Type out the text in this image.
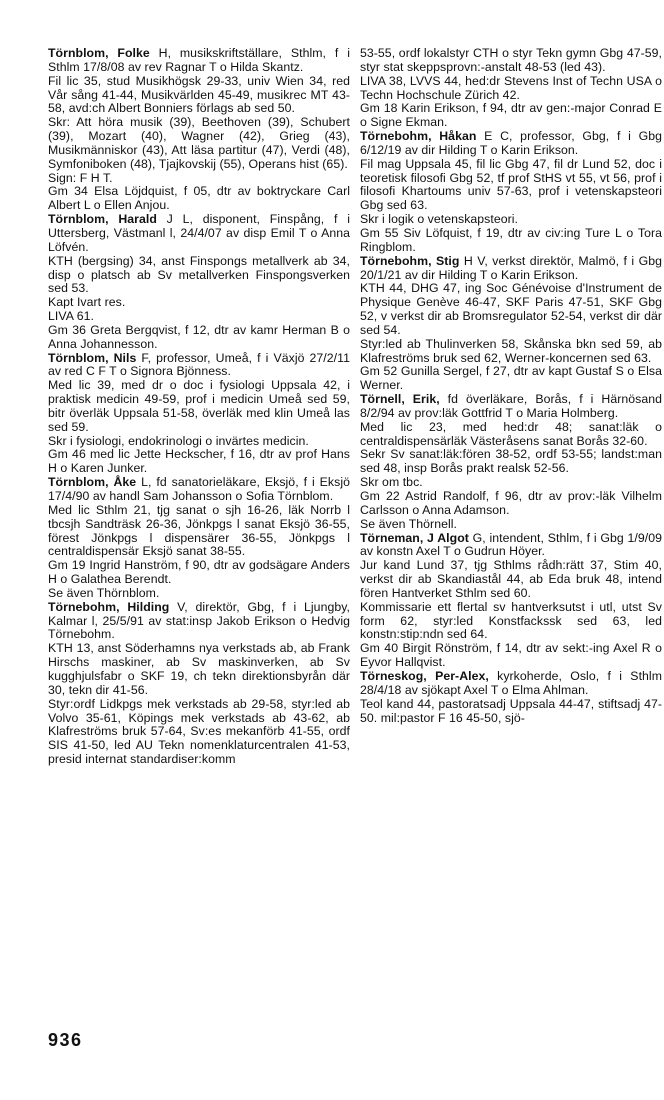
Törnblom, Folke H, musikskriftställare, Sthlm, f i Sthlm 17/8/08 av rev Ragnar T o Hilda Skantz.
Fil lic 35, stud Musikhögsk 29-33, univ Wien 34, red Vår sång 41-44, Musikvärlden 45-49, musikrec MT 43-58, avd:ch Albert Bonniers förlags ab sed 50.
Skr: Att höra musik (39), Beethoven (39), Schubert (39), Mozart (40), Wagner (42), Grieg (43), Musikmänniskor (43), Att läsa partitur (47), Verdi (48), Symfoniboken (48), Tjajkovskij (55), Operans hist (65).
Sign: F H T.
Gm 34 Elsa Löjdquist, f 05, dtr av boktryckare Carl Albert L o Ellen Anjou.
Törnblom, Harald J L, disponent, Finspång, f i Uttersberg, Västmanl l, 24/4/07 av disp Emil T o Anna Löfvén.
KTH (bergsing) 34, anst Finspongs metallverk ab 34, disp o platsch ab Sv metallverken Finspongsverken sed 53.
Kapt Ivart res.
LIVA 61.
Gm 36 Greta Bergqvist, f 12, dtr av kamr Herman B o Anna Johannesson.
Törnblom, Nils F, professor, Umeå, f i Växjö 27/2/11 av red C F T o Signora Bjönness.
Med lic 39, med dr o doc i fysiologi Uppsala 42, i praktisk medicin 49-59, prof i medicin Umeå sed 59, bitr överläk Uppsala 51-58, överläk med klin Umeå las sed 59.
Skr i fysiologi, endokrinologi o invärtes medicin.
Gm 46 med lic Jette Heckscher, f 16, dtr av prof Hans H o Karen Junker.
Törnblom, Åke L, fd sanatorieläkare, Eksjö, f i Eksjö 17/4/90 av handl Sam Johansson o Sofia Törnblom.
Med lic Sthlm 21, tjg sanat o sjh 16-26, läk Norrb l tbcsjh Sandträsk 26-36, Jönkpgs l sanat Eksjö 36-55, förest Jönkpgs l dispensärer 36-55, Jönkpgs l centraldispensär Eksjö sanat 38-55.
Gm 19 Ingrid Hanström, f 90, dtr av godsägare Anders H o Galathea Berendt.
Se även Thörnblom.
Törnebohm, Hilding V, direktör, Gbg, f i Ljungby, Kalmar l, 25/5/91 av stat:insp Jakob Erikson o Hedvig Törnebohm.
KTH 13, anst Söderhamns nya verkstads ab, ab Frank Hirschs maskiner, ab Sv maskinverken, ab Sv kugghjulsfabr o SKF 19, ch tekn direktionsbyrån där 30, tekn dir 41-56.
Styr:ordf Lidkpgs mek verkstads ab 29-58, styr:led ab Volvo 35-61, Köpings mek verkstads ab 43-62, ab Klafreströms bruk 57-64, Sv:es mekanförb 41-55, ordf SIS 41-50, led AU Tekn nomenklaturcentralen 41-53, presid internat standardiser:komm
53-55, ordf lokalstyr CTH o styr Tekn gymn Gbg 47-59, styr stat skeppsprovn:-anstalt 48-53 (led 43).
LIVA 38, LVVS 44, hed:dr Stevens Inst of Techn USA o Techn Hochschule Zürich 42.
Gm 18 Karin Erikson, f 94, dtr av gen:-major Conrad E o Signe Ekman.
Törnebohm, Håkan E C, professor, Gbg, f i Gbg 6/12/19 av dir Hilding T o Karin Erikson.
Fil mag Uppsala 45, fil lic Gbg 47, fil dr Lund 52, doc i teoretisk filosofi Gbg 52, tf prof StHS vt 55, vt 56, prof i filosofi Khartoums univ 57-63, prof i vetenskapsteori Gbg sed 63.
Skr i logik o vetenskapsteori.
Gm 55 Siv Löfquist, f 19, dtr av civ:ing Ture L o Tora Ringblom.
Törnebohm, Stig H V, verkst direktör, Malmö, f i Gbg 20/1/21 av dir Hilding T o Karin Erikson.
KTH 44, DHG 47, ing Soc Génévoise d'Instrument de Physique Genève 46-47, SKF Paris 47-51, SKF Gbg 52, v verkst dir ab Bromsregulator 52-54, verkst dir där sed 54.
Styr:led ab Thulinverken 58, Skånska bkn sed 59, ab Klafreströms bruk sed 62, Werner-koncernen sed 63.
Gm 52 Gunilla Sergel, f 27, dtr av kapt Gustaf S o Elsa Werner.
Törnell, Erik, fd överläkare, Borås, f i Härnösand 8/2/94 av prov:läk Gottfrid T o Maria Holmberg.
Med lic 23, med hed:dr 48; sanat:läk o centraldispensärläk Västeråsens sanat Borås 32-60.
Sekr Sv sanat:läk:fören 38-52, ordf 53-55; landst:man sed 48, insp Borås prakt realsk 52-56.
Skr om tbc.
Gm 22 Astrid Randolf, f 96, dtr av prov:-läk Vilhelm Carlsson o Anna Adamson.
Se även Thörnell.
Törneman, J Algot G, intendent, Sthlm, f i Gbg 1/9/09 av konstn Axel T o Gudrun Höyer.
Jur kand Lund 37, tjg Sthlms rådh:rätt 37, Stim 40, verkst dir ab Skandiastål 44, ab Eda bruk 48, intend fören Hantverket Sthlm sed 60.
Kommissarie ett flertal sv hantverksutst i utl, utst Sv form 62, styr:led Konstfackssk sed 63, led konstn:stip:ndn sed 64.
Gm 40 Birgit Rönström, f 14, dtr av sekt:-ing Axel R o Eyvor Hallqvist.
Törneskog, Per-Alex, kyrkoherde, Oslo, f i Sthlm 28/4/18 av sjökapt Axel T o Elma Ahlman.
Teol kand 44, pastoratsadj Uppsala 44-47, stiftsadj 47-50. mil:pastor F 16 45-50, sjö-
936
